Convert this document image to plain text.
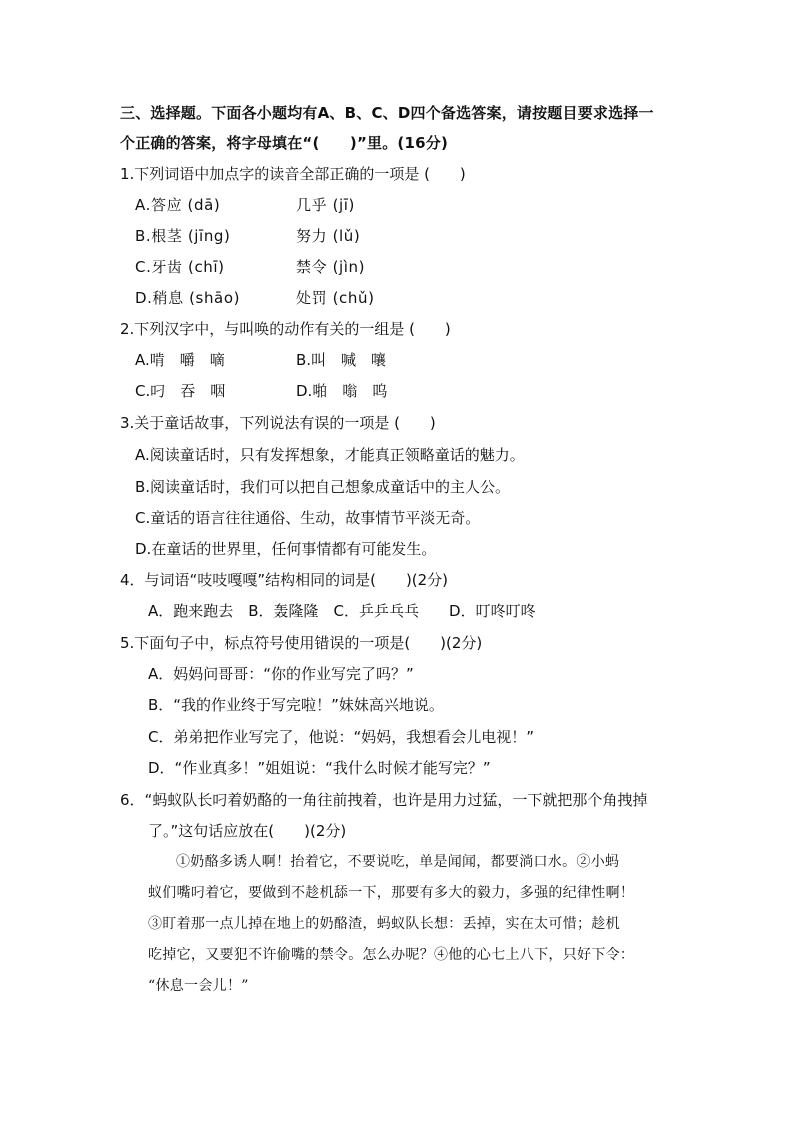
三、选择题。下面各小题均有A、B、C、D四个备选答案，请按题目要求选择一
个正确的答案，将字母填在“(　　)”里。(16分)
1.下列词语中加点字的读音全部正确的一项是 (　　)
A.答应 (dā)	几乎 (jī)
B.根茎 (jīng)	努力 (lǔ)
C.牙齿 (chī)	禁令 (jìn)
D.稍息 (shāo)	处罚 (chǔ)
2.下列汉字中，与叫唤的动作有关的一组是 (　　)
A.啃　嚼　嘀	B.叫　喊　嚷
C.叼　吞　咽	D.啪　嗡　呜
3.关于童话故事，下列说法有误的一项是 (　　)
A.阅读童话时，只有发挥想象，才能真正领略童话的魅力。
B.阅读童话时，我们可以把自己想象成童话中的主人公。
C.童话的语言往往通俗、生动，故事情节平淡无奇。
D.在童话的世界里，任何事情都有可能发生。
4．与词语“吱吱嘎嘎”结构相同的词是(　　)(2分)
A．跑来跑去　B．轰隆隆　C．乒乒乓乓　　D．叮咚叮咚
5.下面句子中，标点符号使用错误的一项是(　　)(2分)
A．妈妈问哥哥：“你的作业写完了吗？”
B．“我的作业终于写完啦！”妹妹高兴地说。
C．弟弟把作业写完了，他说：“妈妈，我想看会儿电视！”
D．“作业真多！”姐姐说：“我什么时候才能写完？”
6．“蚂蚁队长叼着奶酪的一角往前拽着，也许是用力过猛，一下就把那个角拽掉
了。”这句话应放在(　　)(2分)
①奶酪多诱人啊！抬着它，不要说吃，单是闻闻，都要淌口水。②小蚂
蚁们嘴叼着它，要做到不趁机舔一下，那要有多大的毅力，多强的纪律性啊！
③盯着那一点儿掉在地上的奶酪渣，蚂蚁队长想：丢掉，实在太可惜；趁机
吃掉它，又要犯不许偷嘴的禁令。怎么办呢？④他的心七上八下，只好下令：
“休息一会儿！”
